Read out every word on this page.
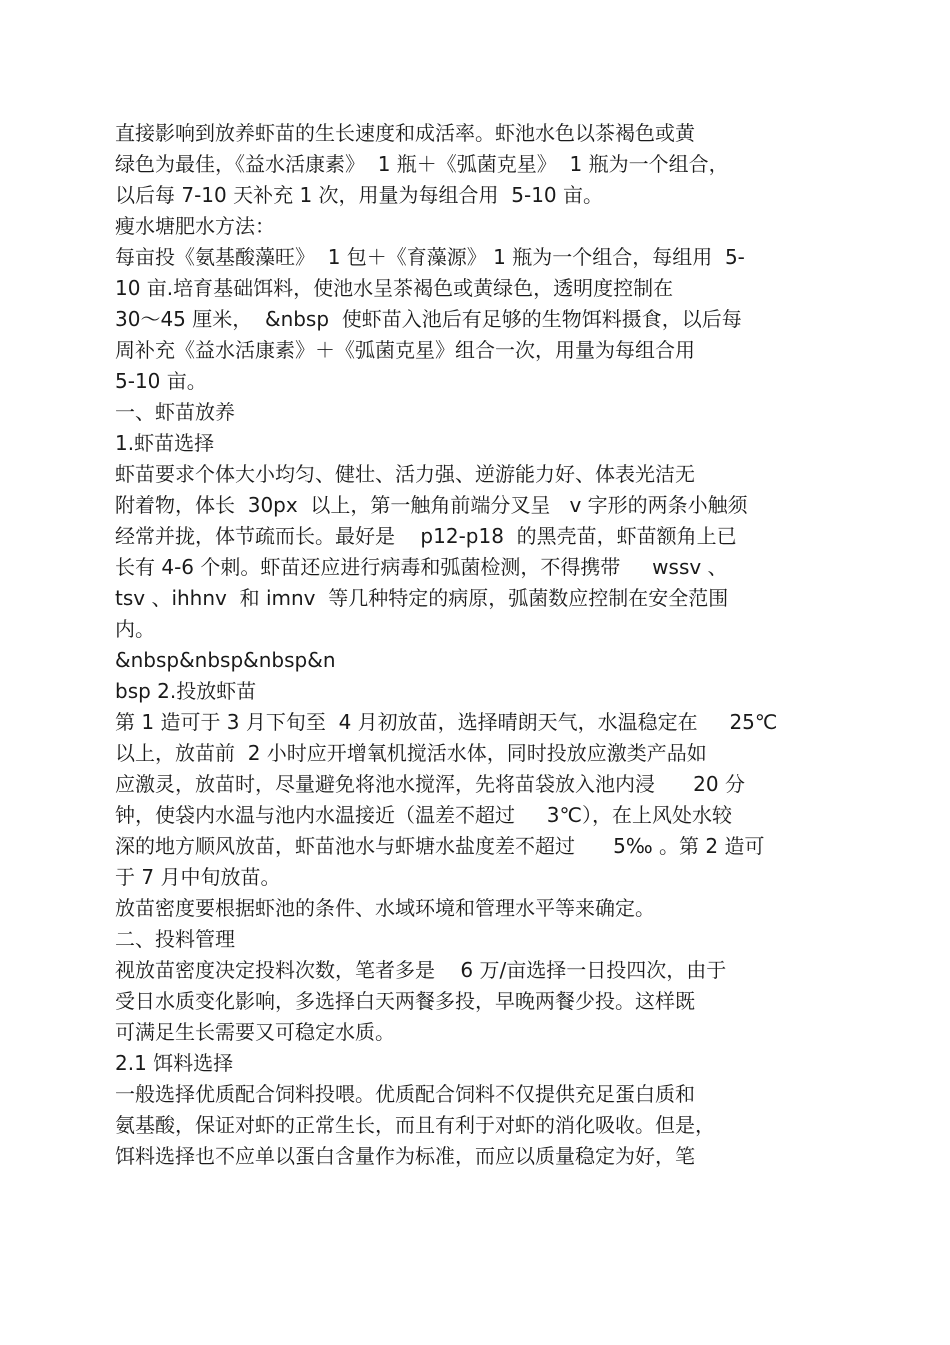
直接影响到放养虾苗的生长速度和成活率。虾池水色以茶褐色或黄
绿色为最佳，《益水活康素》  1 瓶＋《弧菌克星》  1 瓶为一个组合，
以后每 7-10 天补充 1 次，用量为每组合用  5-10 亩。
瘦水塘肥水方法：
每亩投《氨基酸藻旺》  1 包＋《育藻源》 1 瓶为一个组合，每组用  5-
10 亩.培育基础饵料，使池水呈茶褐色或黄绿色，透明度控制在
30～45 厘米，  &nbsp  使虾苗入池后有足够的生物饵料摄食，以后每
周补充《益水活康素》＋《弧菌克星》组合一次，用量为每组合用
5-10 亩。
一、虾苗放养
1.虾苗选择
虾苗要求个体大小均匀、健壮、活力强、逆游能力好、体表光洁无
附着物，体长  30px  以上，第一触角前端分叉呈   v 字形的两条小触须
经常并拢，体节疏而长。最好是    p12-p18  的黑壳苗，虾苗额角上已
长有 4-6 个刺。虾苗还应进行病毒和弧菌检测，不得携带     wssv 、
tsv 、ihhnv  和 imnv  等几种特定的病原，弧菌数应控制在安全范围
内。
&nbsp&nbsp&nbsp&n
bsp 2.投放虾苗
第 1 造可于 3 月下旬至  4 月初放苗，选择晴朗天气，水温稳定在     25℃
以上，放苗前  2 小时应开增氧机搅活水体，同时投放应激类产品如
应激灵，放苗时，尽量避免将池水搅浑，先将苗袋放入池内浸      20 分
钟，使袋内水温与池内水温接近（温差不超过     3℃），在上风处水较
深的地方顺风放苗，虾苗池水与虾塘水盐度差不超过      5‰ 。第 2 造可
于 7 月中旬放苗。
放苗密度要根据虾池的条件、水域环境和管理水平等来确定。
二、投料管理
视放苗密度决定投料次数，笔者多是    6 万/亩选择一日投四次，由于
受日水质变化影响，多选择白天两餐多投，早晚两餐少投。这样既
可满足生长需要又可稳定水质。
2.1 饵料选择
一般选择优质配合饲料投喂。优质配合饲料不仅提供充足蛋白质和
氨基酸，保证对虾的正常生长，而且有利于对虾的消化吸收。但是，
饵料选择也不应单以蛋白含量作为标准，而应以质量稳定为好，笔
